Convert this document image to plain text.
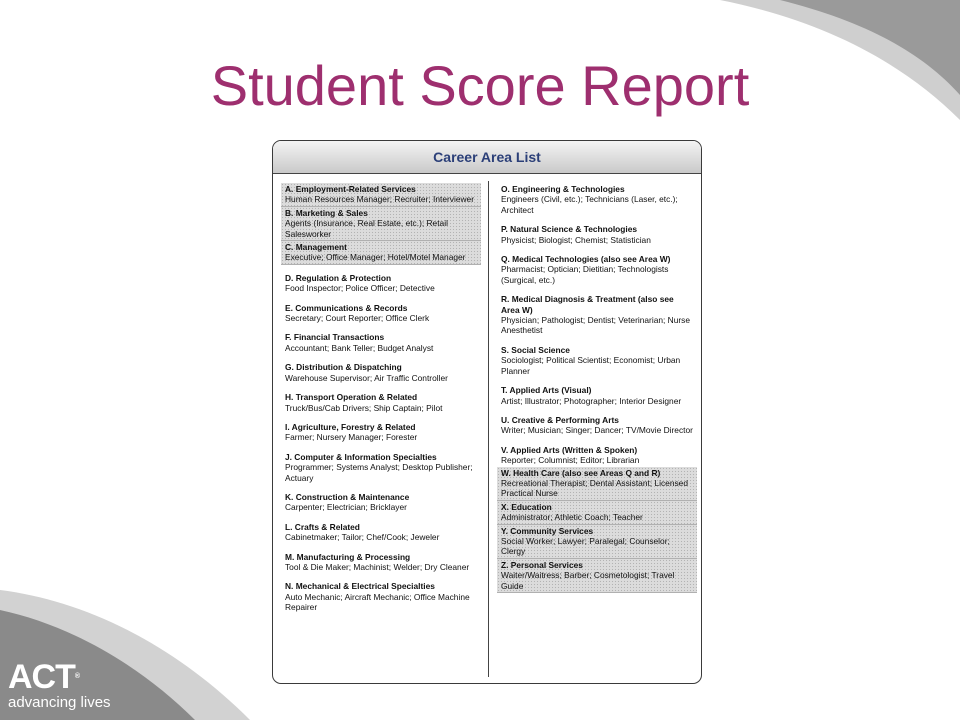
Student Score Report
Career Area List
A. Employment-Related Services
Human Resources Manager; Recruiter; Interviewer
B. Marketing & Sales
Agents (Insurance, Real Estate, etc.); Retail Salesworker
C. Management
Executive; Office Manager; Hotel/Motel Manager
D. Regulation & Protection
Food Inspector; Police Officer; Detective
E. Communications & Records
Secretary; Court Reporter; Office Clerk
F. Financial Transactions
Accountant; Bank Teller; Budget Analyst
G. Distribution & Dispatching
Warehouse Supervisor; Air Traffic Controller
H. Transport Operation & Related
Truck/Bus/Cab Drivers; Ship Captain; Pilot
I. Agriculture, Forestry & Related
Farmer; Nursery Manager; Forester
J. Computer & Information Specialties
Programmer; Systems Analyst; Desktop Publisher; Actuary
K. Construction & Maintenance
Carpenter; Electrician; Bricklayer
L. Crafts & Related
Cabinetmaker; Tailor; Chef/Cook; Jeweler
M. Manufacturing & Processing
Tool & Die Maker; Machinist; Welder; Dry Cleaner
N. Mechanical & Electrical Specialties
Auto Mechanic; Aircraft Mechanic; Office Machine Repairer
O. Engineering & Technologies
Engineers (Civil, etc.); Technicians (Laser, etc.); Architect
P. Natural Science & Technologies
Physicist; Biologist; Chemist; Statistician
Q. Medical Technologies (also see Area W)
Pharmacist; Optician; Dietitian; Technologists (Surgical, etc.)
R. Medical Diagnosis & Treatment (also see Area W)
Physician; Pathologist; Dentist; Veterinarian; Nurse Anesthetist
S. Social Science
Sociologist; Political Scientist; Economist; Urban Planner
T. Applied Arts (Visual)
Artist; Illustrator; Photographer; Interior Designer
U. Creative & Performing Arts
Writer; Musician; Singer; Dancer; TV/Movie Director
V. Applied Arts (Written & Spoken)
Reporter; Columnist; Editor; Librarian
W. Health Care (also see Areas Q and R)
Recreational Therapist; Dental Assistant; Licensed Practical Nurse
X. Education
Administrator; Athletic Coach; Teacher
Y. Community Services
Social Worker; Lawyer; Paralegal; Counselor; Clergy
Z. Personal Services
Waiter/Waitress; Barber; Cosmetologist; Travel Guide
ACT®
advancing lives
